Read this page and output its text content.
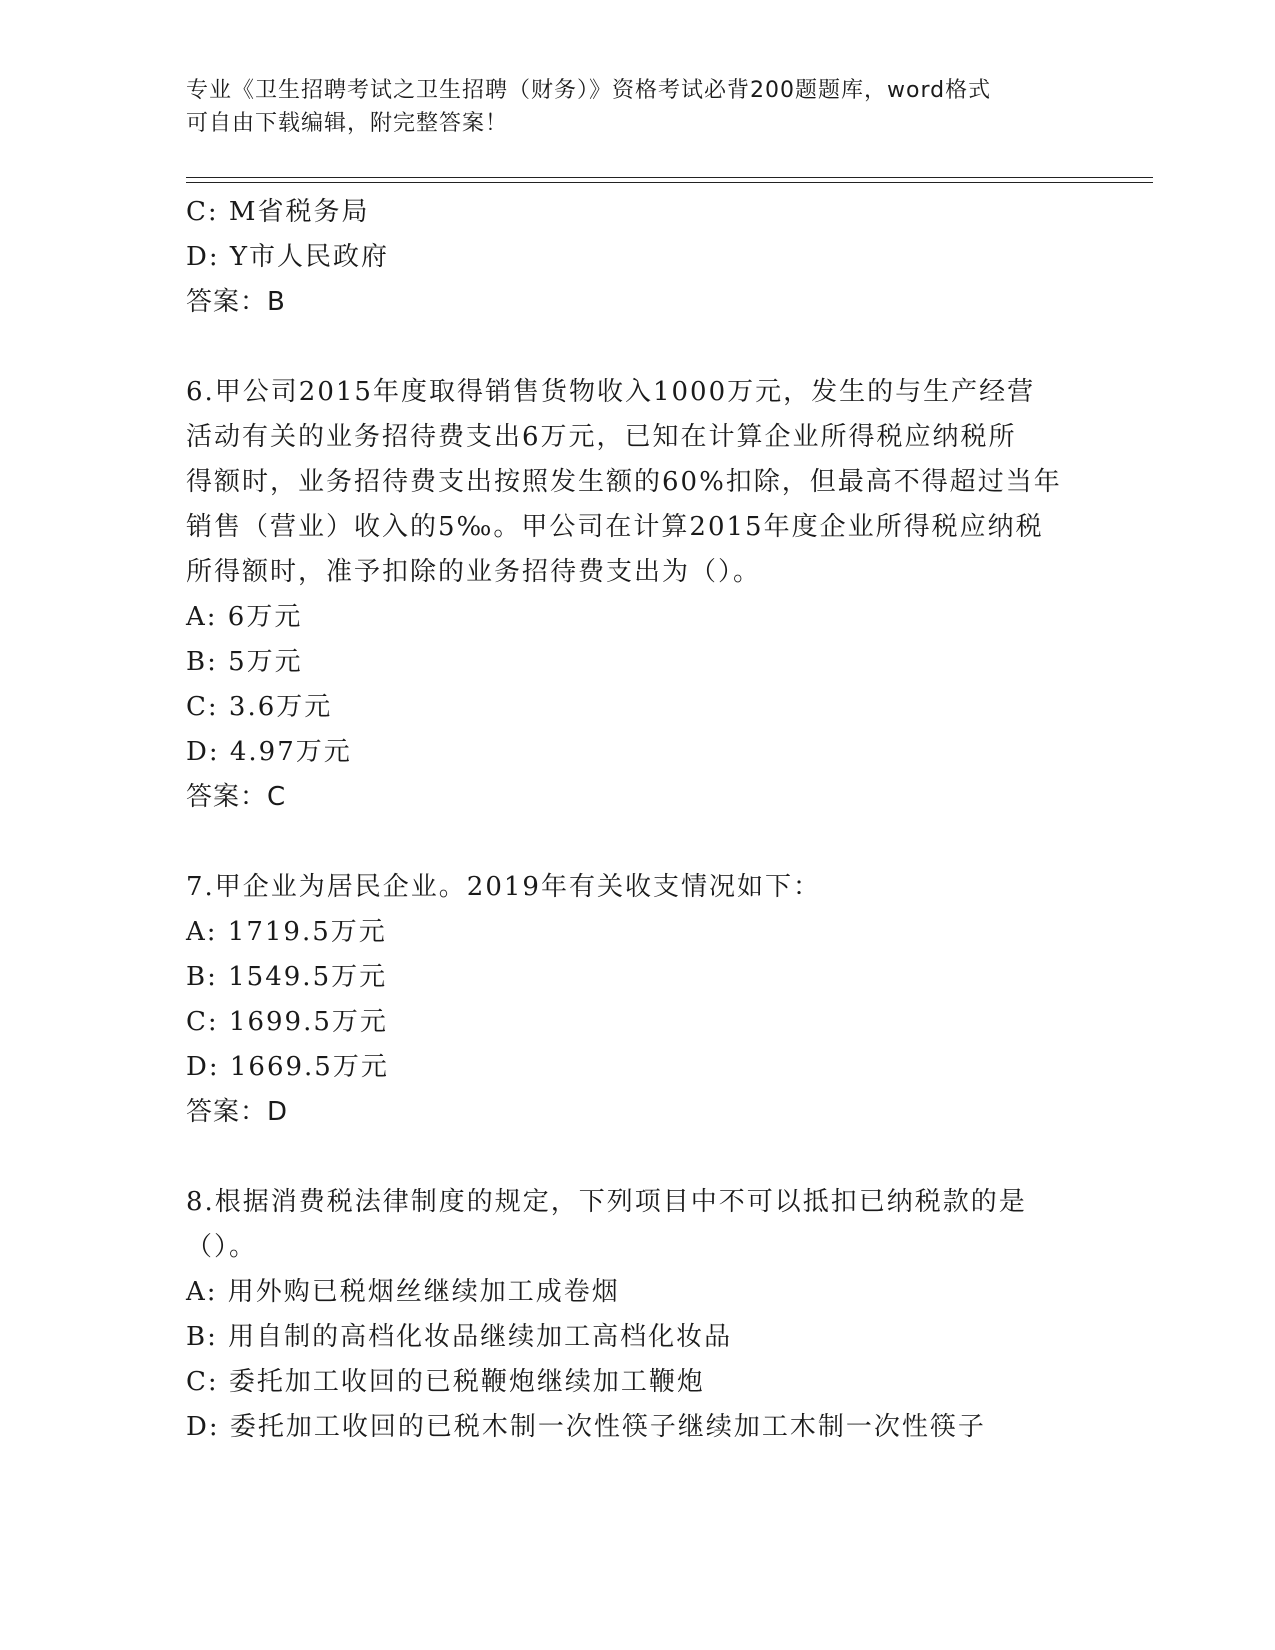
专业《卫生招聘考试之卫生招聘（财务）》资格考试必背200题题库，word格式
可自由下载编辑，附完整答案！
C: M省税务局
D: Y市人民政府
答案：B
6.甲公司2015年度取得销售货物收入1000万元，发生的与生产经营
活动有关的业务招待费支出6万元，已知在计算企业所得税应纳税所
得额时，业务招待费支出按照发生额的60%扣除，但最高不得超过当年
销售（营业）收入的5‰。甲公司在计算2015年度企业所得税应纳税
所得额时，准予扣除的业务招待费支出为（）。
A: 6万元
B: 5万元
C: 3.6万元
D: 4.97万元
答案：C
7.甲企业为居民企业。2019年有关收支情况如下：
A: 1719.5万元
B: 1549.5万元
C: 1699.5万元
D: 1669.5万元
答案：D
8.根据消费税法律制度的规定，下列项目中不可以抵扣已纳税款的是
（）。
A: 用外购已税烟丝继续加工成卷烟
B: 用自制的高档化妆品继续加工高档化妆品
C: 委托加工收回的已税鞭炮继续加工鞭炮
D: 委托加工收回的已税木制一次性筷子继续加工木制一次性筷子
